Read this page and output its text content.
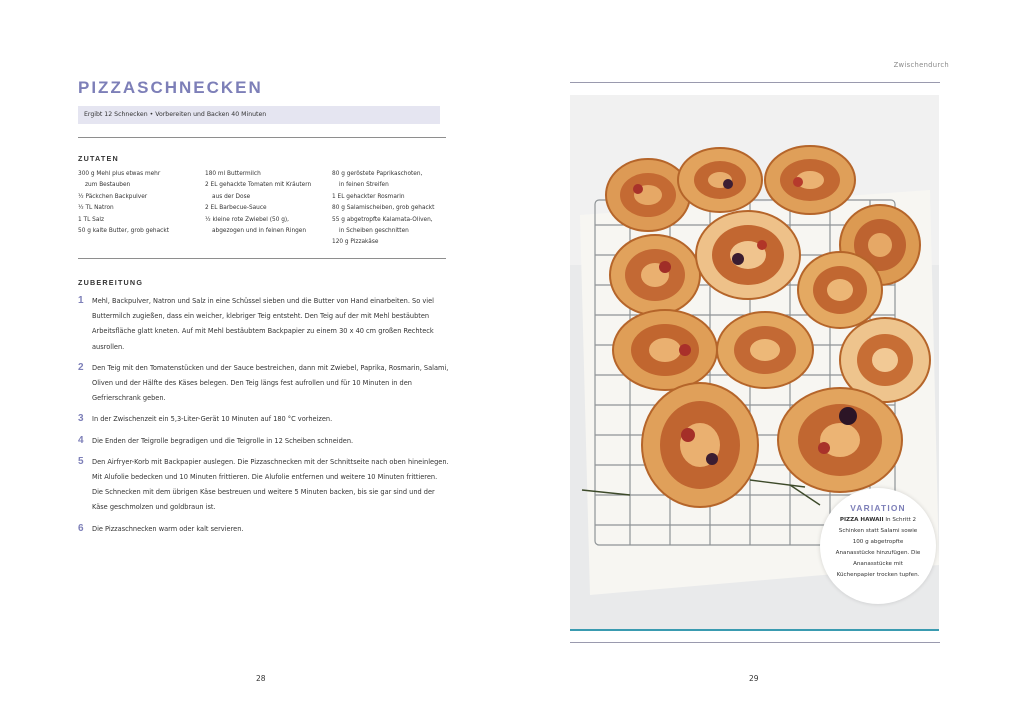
PIZZASCHNECKEN
Ergibt 12 Schnecken • Vorbereiten und Backen 40 Minuten
ZUTATEN
300 g Mehl plus etwas mehr
zum Bestauben
½ Päckchen Backpulver
½ TL Natron
1 TL Salz
50 g kalte Butter, grob gehackt
180 ml Buttermilch
2 EL gehackte Tomaten mit Kräutern
aus der Dose
2 EL Barbecue-Sauce
½ kleine rote Zwiebel (50 g),
abgezogen und in feinen Ringen
80 g geröstete Paprikaschoten,
in feinen Streifen
1 EL gehackter Rosmarin
80 g Salamischeiben, grob gehackt
55 g abgetropfte Kalamata-Oliven,
in Scheiben geschnitten
120 g Pizzakäse
ZUBEREITUNG
1 Mehl, Backpulver, Natron und Salz in eine Schüssel sieben und die Butter von Hand einarbeiten. So viel Buttermilch zugießen, dass ein weicher, klebriger Teig entsteht. Den Teig auf der mit Mehl bestäubten Arbeitsfläche glatt kneten. Auf mit Mehl bestäubtem Backpapier zu einem 30 x 40 cm großen Rechteck ausrollen.
2 Den Teig mit den Tomatenstücken und der Sauce bestreichen, dann mit Zwiebel, Paprika, Rosmarin, Salami, Oliven und der Hälfte des Käses belegen. Den Teig längs fest aufrollen und für 10 Minuten in den Gefrierschrank geben.
3 In der Zwischenzeit ein 5,3-Liter-Gerät 10 Minuten auf 180 °C vorheizen.
4 Die Enden der Teigrolle begradigen und die Teigrolle in 12 Scheiben schneiden.
5 Den Airfryer-Korb mit Backpapier auslegen. Die Pizzaschnecken mit der Schnittseite nach oben hineinlegen. Mit Alufolie bedecken und 10 Minuten frittieren. Die Alufolie entfernen und weitere 10 Minuten frittieren. Die Schnecken mit dem übrigen Käse bestreuen und weitere 5 Minuten backen, bis sie gar sind und der Käse geschmolzen und goldbraun ist.
6 Die Pizzaschnecken warm oder kalt servieren.
28
Zwischendurch
VARIATION
PIZZA HAWAII In Schritt 2 Schinken statt Salami sowie 100 g abgetropfte Ananasstücke hinzufügen. Die Ananasstücke mit Küchenpapier trocken tupfen.
29
